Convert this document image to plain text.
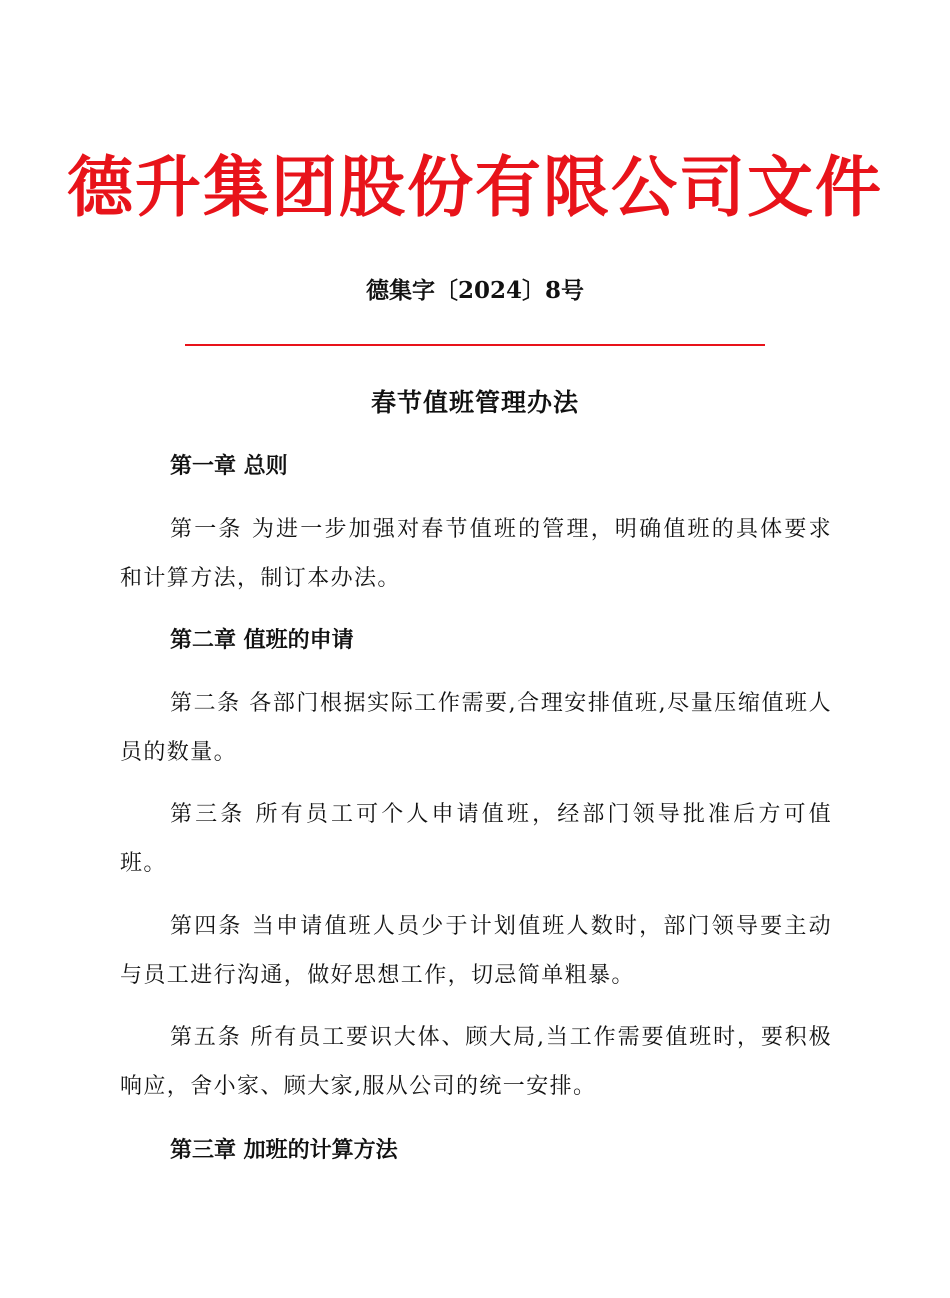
德升集团股份有限公司文件
德集字〔2024〕8号
春节值班管理办法
第一章 总则
第一条 为进一步加强对春节值班的管理，明确值班的具体要求和计算方法，制订本办法。
第二章 值班的申请
第二条 各部门根据实际工作需要,合理安排值班,尽量压缩值班人员的数量。
第三条 所有员工可个人申请值班，经部门领导批准后方可值班。
第四条 当申请值班人员少于计划值班人数时，部门领导要主动与员工进行沟通，做好思想工作，切忌简单粗暴。
第五条 所有员工要识大体、顾大局,当工作需要值班时，要积极响应，舍小家、顾大家,服从公司的统一安排。
第三章 加班的计算方法
